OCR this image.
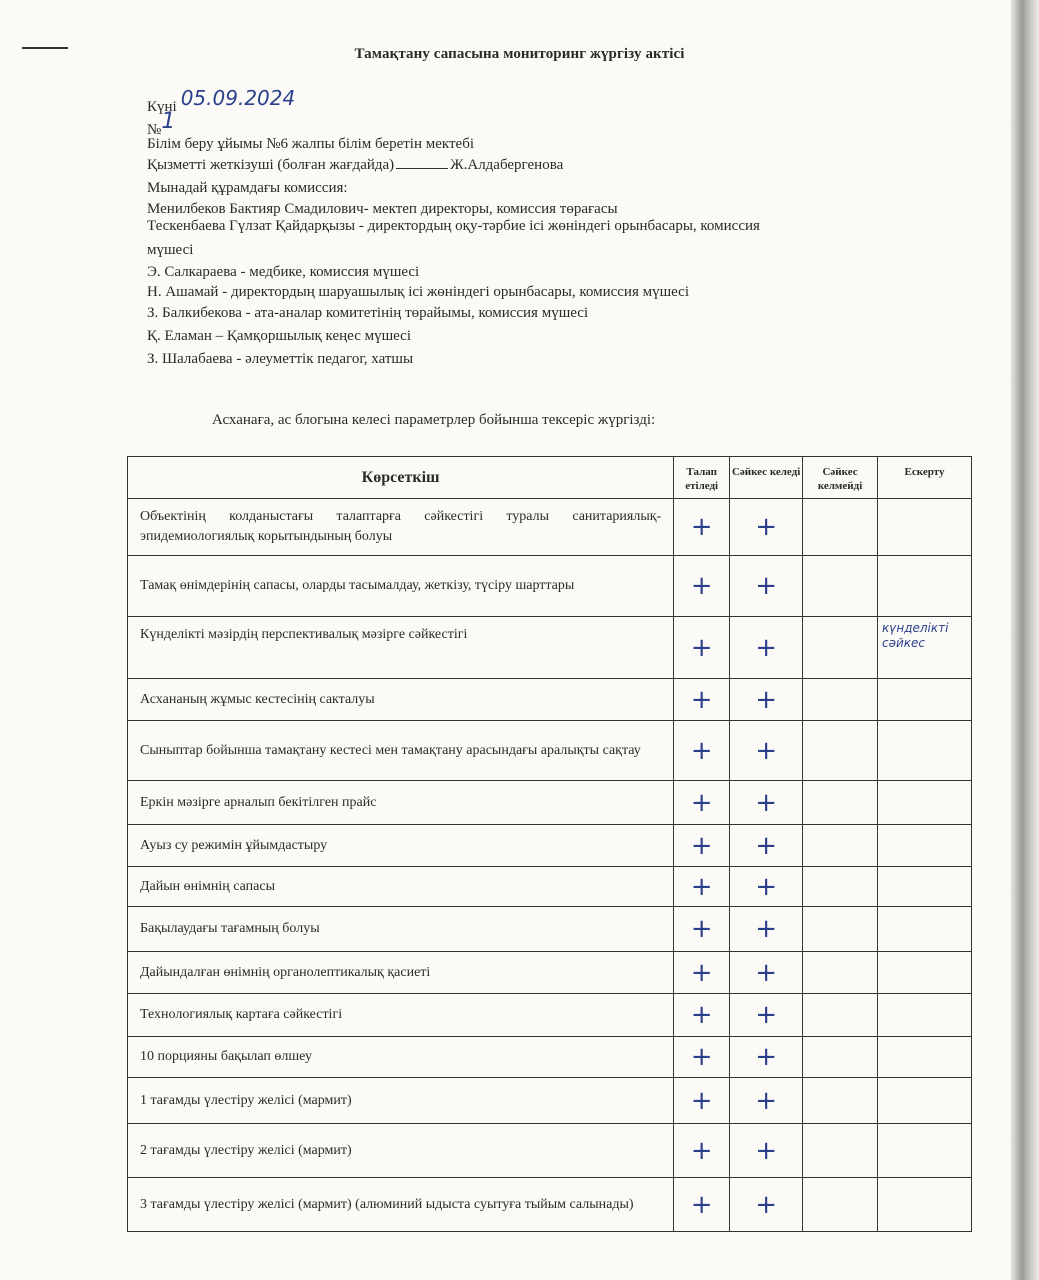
Тамақтану сапасына мониторинг жүргізу актісі
Күні 05.09.2024
№1
Білім беру ұйымы №6 жалпы білім беретін мектебі
Қызметті жеткізуші (болған жағдайда)	Ж.Алдабергенова
Мынадай құрамдағы комиссия:
Менилбеков Бактияр Смадилович- мектеп директоры, комиссия төрағасы
Тескенбаева Гүлзат Қайдарқызы - директордың оқу-тәрбие ісі жөніндегі орынбасары, комиссия
мүшесі
Э. Салкараева - медбике, комиссия мүшесі
Н. Ашамай - директордың шаруашылық ісі жөніндегі орынбасары, комиссия мүшесі
З. Балкибекова - ата-аналар комитетінің төрайымы, комиссия мүшесі
Қ. Еламан – Қамқоршылық кеңес мүшесі
З. Шалабаева - әлеуметтік педагог, хатшы
Асханаға, ас блогына келесі параметрлер бойынша тексеріс жүргізді:
Көрсеткіш	Талап етіледі	Сәйкес келеді	Сәйкес келмейді	Ескерту
Объектінің колданыстағы талаптарға сәйкестігі туралы санитариялық-эпидемиологиялық корытындының болуы	+	+		
Тамақ өнімдерінің сапасы, оларды тасымалдау, жеткізу, түсіру шарттары	+	+		
Күнделікті мәзірдің перспективалық мәзірге сәйкестігі	+	+		күнделікті сәйкес
Асхананың жұмыс кестесінің сакталуы	+	+		
Сыныптар бойынша тамақтану кестесі мен тамақтану арасындағы аралықты сақтау	+	+		
Еркін мәзірге арналып бекітілген прайс	+	+		
Ауыз су режимін ұйымдастыру	+	+		
Дайын өнімнің сапасы	+	+		
Бақылаудағы тағамның болуы	+	+		
Дайындалған өнімнің органолептикалық қасиеті	+	+		
Технологиялық картаға сәйкестігі	+	+		
10 порцияны бақылап өлшеу	+	+		
1 тағамды үлестіру желісі (мармит)	+	+		
2 тағамды үлестіру желісі (мармит)	+	+		
3 тағамды үлестіру желісі (мармит) (алюминий ыдыста суытуға тыйым салынады)	+	+		
